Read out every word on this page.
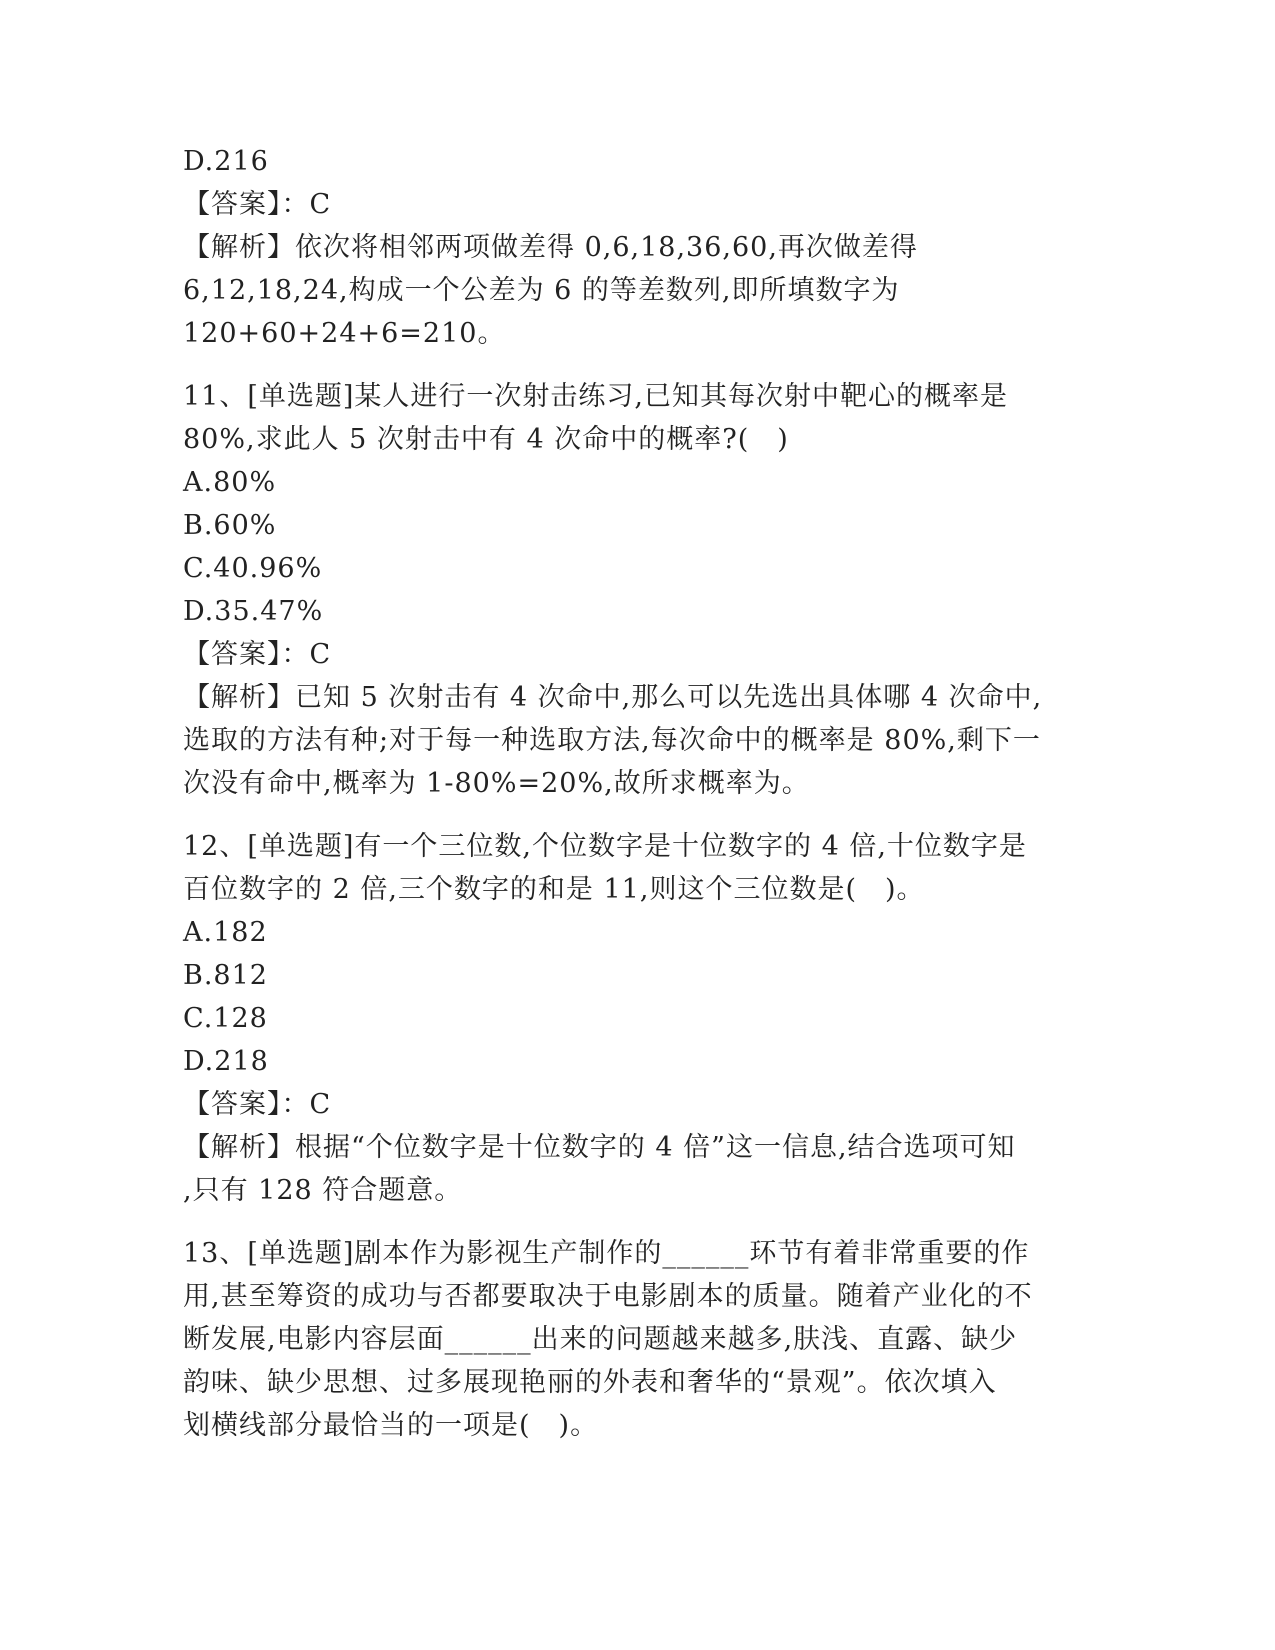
D.216

【答案】：C

【解析】依次将相邻两项做差得 0,6,18,36,60,再次做差得

6,12,18,24,构成一个公差为 6 的等差数列,即所填数字为

120+60+24+6=210。

11、[单选题]某人进行一次射击练习,已知其每次射中靶心的概率是

80%,求此人 5 次射击中有 4 次命中的概率?(　)

A.80%

B.60%

C.40.96%

D.35.47%

【答案】：C

【解析】已知 5 次射击有 4 次命中,那么可以先选出具体哪 4 次命中,

选取的方法有种;对于每一种选取方法,每次命中的概率是 80%,剩下一

次没有命中,概率为 1-80%=20%,故所求概率为。

12、[单选题]有一个三位数,个位数字是十位数字的 4 倍,十位数字是

百位数字的 2 倍,三个数字的和是 11,则这个三位数是(　)。

A.182

B.812

C.128

D.218

【答案】：C

【解析】根据“个位数字是十位数字的 4 倍”这一信息,结合选项可知

,只有 128 符合题意。

13、[单选题]剧本作为影视生产制作的______环节有着非常重要的作

用,甚至筹资的成功与否都要取决于电影剧本的质量。随着产业化的不

断发展,电影内容层面______出来的问题越来越多,肤浅、直露、缺少

韵味、缺少思想、过多展现艳丽的外表和奢华的“景观”。依次填入

划横线部分最恰当的一项是(　)。
